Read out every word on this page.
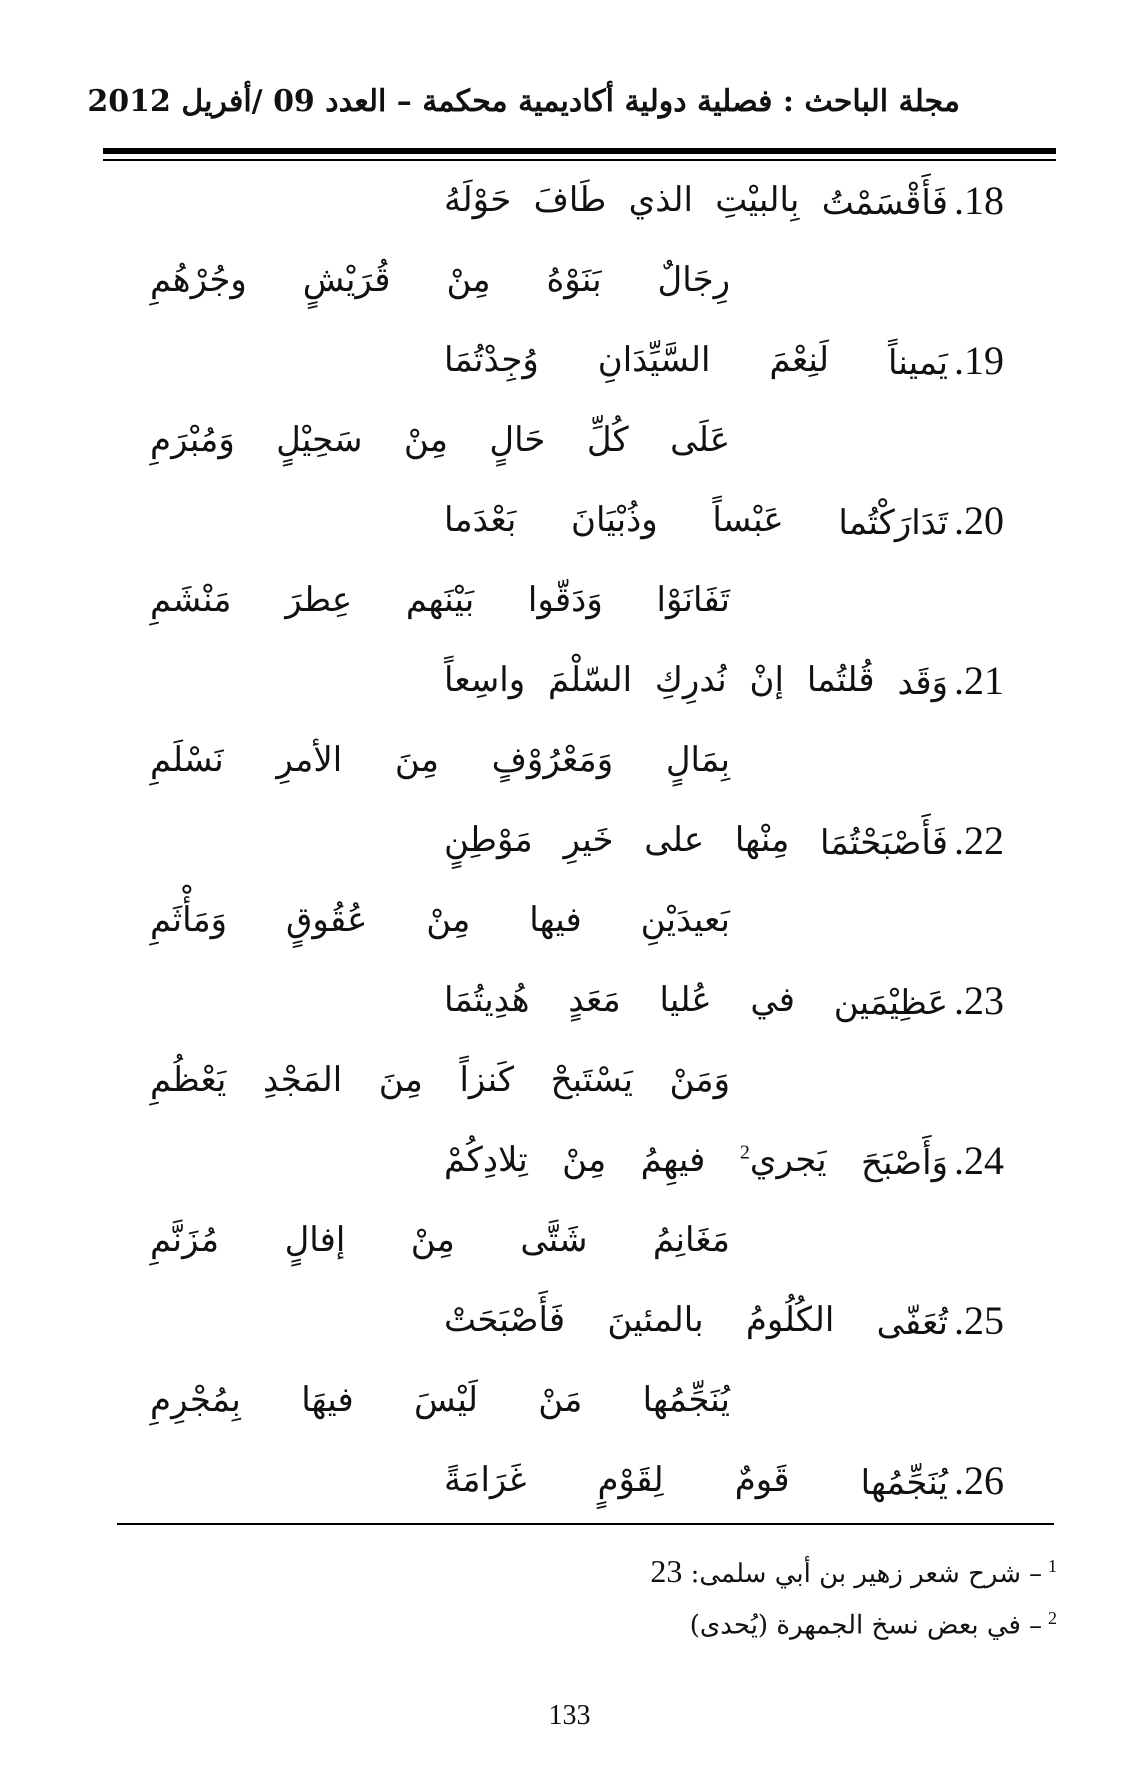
مجلة الباحث : فصلية دولية أكاديمية محكمة – العدد 09 /أفريل 2012
18.فَأَقْسَمْتُ
بِالبيْتِ
الذي
طَافَ
حَوْلَهُ
رِجَالٌ
بَنَوْهُ
مِنْ
قُرَيْشٍ
وجُرْهُمِ
19.يَميناً
لَنِعْمَ
السَّيِّدَانِ
وُجِدْتُمَا
عَلَى
كُلِّ
حَالٍ
مِنْ
سَحِيْلٍ
وَمُبْرَمِ
20.تَدَارَكْتُما
عَبْساً
وذُبْيَانَ
بَعْدَما
تَفَانَوْا
وَدَقّوا
بَيْنَهم
عِطرَ
مَنْشَمِ
21.وَقَد
قُلتُما
إنْ
نُدرِكِ
السّلْمَ
واسِعاً
بِمَالٍ
وَمَعْرُوْفٍ
مِنَ
الأمرِ
نَسْلَمِ
22.فَأَصْبَحْتُمَا
مِنْها
على
خَيرِ
مَوْطِنٍ
بَعيدَيْنِ
فيها
مِنْ
عُقُوقٍ
وَمَأْثَمِ
23.عَظِيْمَين
في
عُليا
مَعَدٍ
هُدِيتُمَا
وَمَنْ
يَسْتَبحْ
كَنزاً
مِنَ
المَجْدِ
يَعْظُمِ
24.وَأَصْبَحَ
يَجري$^2$
فيهِمُ
مِنْ
تِلادِكُمْ
مَغَانِمُ
شَتَّى
مِنْ
إفالٍ
مُزَنَّمِ
25.تُعَفّى
الكُلُومُ
بالمئينَ
فَأَصْبَحَتْ
يُنَجِّمُها
مَنْ
لَيْسَ
فيهَا
بِمُجْرِمِ
26.يُنَجِّمُها
قَومٌ
لِقَوْمٍ
غَرَامَةً
$^1$–شرح شعر زهير بن أبي سلمى: 23
$^2$–في بعض نسخ الجمهرة (يُحدى)
133
